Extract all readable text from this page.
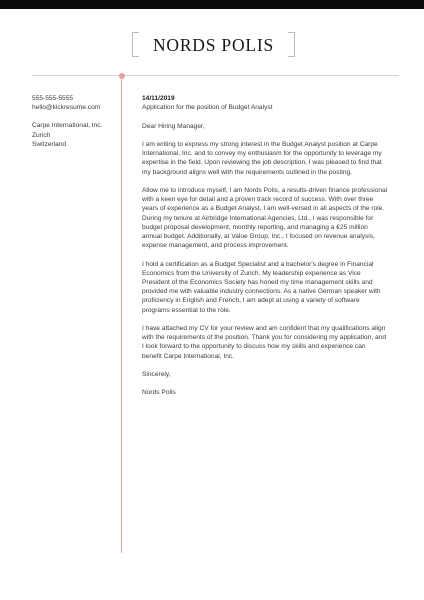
NORDS POLIS
555-555-5555
hello@kickresume.com
Carpe International, Inc.
Zurich
Switzerland

14/11/2019

Application for the position of Budget Analyst

Dear Hiring Manager,

I am writing to express my strong interest in the Budget Analyst position at Carpe
International, Inc. and to convey my enthusiasm for the opportunity to leverage my
expertise in the field. Upon reviewing the job description, I was pleased to find that
my background aligns well with the requirements outlined in the posting.

Allow me to introduce myself, I am Nords Polis, a results-driven finance professional
with a keen eye for detail and a proven track record of success. With over three
years of experience as a Budget Analyst, I am well-versed in all aspects of the role.
During my tenure at Airbridge International Agencies, Ltd., I was responsible for
budget proposal development, monthly reporting, and managing a €25 million
annual budget. Additionally, at Value Group, Inc., I focused on revenue analysis,
expense management, and process improvement.

I hold a certification as a Budget Specialist and a bachelor's degree in Financial
Economics from the University of Zurich. My leadership experience as Vice
President of the Economics Society has honed my time management skills and
provided me with valuable industry connections. As a native German speaker with
proficiency in English and French, I am adept at using a variety of software
programs essential to the role.

I have attached my CV for your review and am confident that my qualifications align
with the requirements of the position. Thank you for considering my application, and
I look forward to the opportunity to discuss how my skills and experience can
benefit Carpe International, Inc.

Sincerely,

Nords Polis
